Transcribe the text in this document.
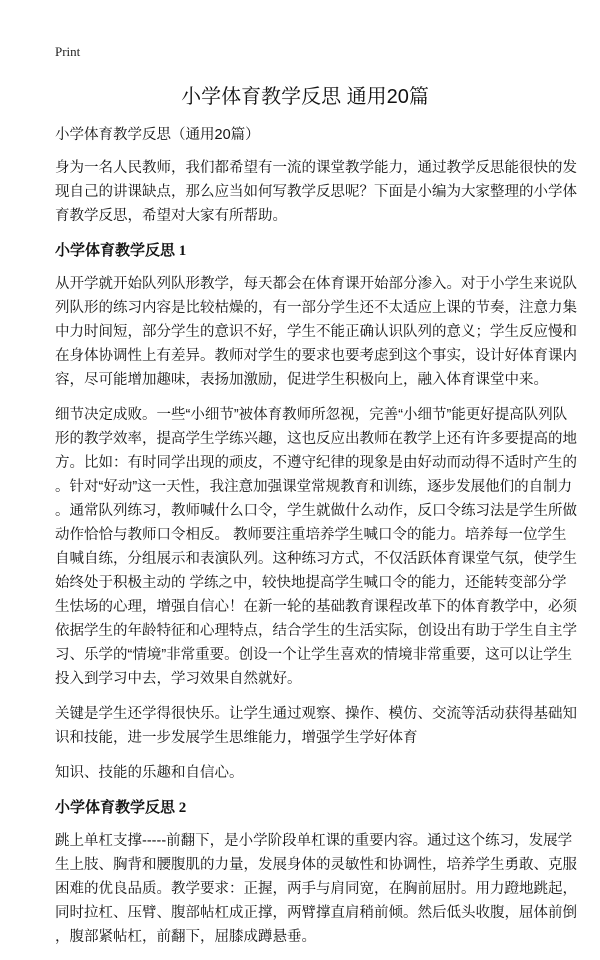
Print
小学体育教学反思 通用20篇
小学体育教学反思（通用20篇）
身为一名人民教师，我们都希望有一流的课堂教学能力，通过教学反思能很快的发
现自己的讲课缺点，那么应当如何写教学反思呢？下面是小编为大家整理的小学体
育教学反思，希望对大家有所帮助。
小学体育教学反思 1
从开学就开始队列队形教学，每天都会在体育课开始部分渗入。对于小学生来说队
列队形的练习内容是比较枯燥的，有一部分学生还不太适应上课的节奏，注意力集
中力时间短，部分学生的意识不好，学生不能正确认识队列的意义；学生反应慢和
在身体协调性上有差异。教师对学生的要求也要考虑到这个事实，设计好体育课内
容，尽可能增加趣味，表扬加激励，促进学生积极向上，融入体育课堂中来。
细节决定成败。一些“小细节”被体育教师所忽视，完善“小细节”能更好提高队列队
形的教学效率，提高学生学练兴趣，这也反应出教师在教学上还有许多要提高的地
方。比如：有时同学出现的顽皮，不遵守纪律的现象是由好动而动得不适时产生的
。针对“好动”这一天性，我注意加强课堂常规教育和训练，逐步发展他们的自制力
。通常队列练习，教师喊什么口令，学生就做什么动作，反口令练习法是学生所做
动作恰恰与教师口令相反。 教师要注重培养学生喊口令的能力。培养每一位学生
自喊自练，分组展示和表演队列。这种练习方式，不仅活跃体育课堂气氛，使学生
始终处于积极主动的 学练之中，较快地提高学生喊口令的能力，还能转变部分学
生怯场的心理，增强自信心！在新一轮的基础教育课程改革下的体育教学中，必须
依据学生的年龄特征和心理特点，结合学生的生活实际，创设出有助于学生自主学
习、乐学的“情境”非常重要。创设一个让学生喜欢的情境非常重要，这可以让学生
投入到学习中去，学习效果自然就好。
关键是学生还学得很快乐。让学生通过观察、操作、模仿、交流等活动获得基础知
识和技能，进一步发展学生思维能力，增强学生学好体育
知识、技能的乐趣和自信心。
小学体育教学反思 2
跳上单杠支撑-----前翻下，是小学阶段单杠课的重要内容。通过这个练习，发展学
生上肢、胸背和腰腹肌的力量，发展身体的灵敏性和协调性，培养学生勇敢、克服
困难的优良品质。教学要求：正握，两手与肩同宽，在胸前屈肘。用力蹬地跳起，
同时拉杠、压臂、腹部帖杠成正撑，两臂撑直肩稍前倾。然后低头收腹，屈体前倒
，腹部紧帖杠，前翻下，屈膝成蹲悬垂。
